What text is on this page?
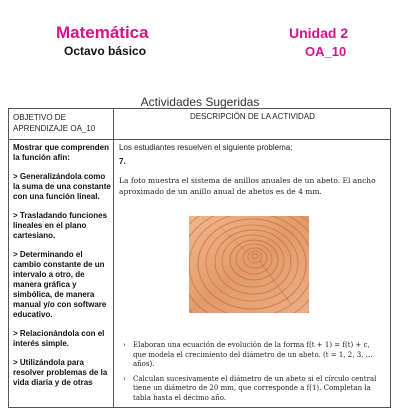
Matemática
Octavo básico
Unidad 2
OA_10
Actividades Sugeridas
OBJETIVO DE APRENDIZAJE OA_10
DESCRIPCIÓN DE LA ACTIVIDAD

Mostrar que comprenden la función afín:

> Generalizándola como la suma de una constante con una función lineal.

> Trasladando funciones lineales en el plano cartesiano.

> Determinando el cambio constante de un intervalo a otro, de manera gráfica y simbólica, de manera manual y/o con software educativo.

> Relacionándola con el interés simple.

> Utilizándola para resolver problemas de la vida diaria y de otras

Los estudiantes resuelven el siguiente problema:
7.
La foto muestra el sistema de anillos anuales de un abeto. El ancho aproximado de un anillo anual de abetos es de 4 mm.
› Elaboran una ecuación de evolución de la forma f(t + 1) = f(t) + c, que modela el crecimiento del diámetro de un abeto. (t = 1, 2, 3, … años).
› Calculan sucesivamente el diámetro de un abeto si el círculo central tiene un diámetro de 20 mm, que corresponde a f(1). Completan la tabla hasta el décimo año.
